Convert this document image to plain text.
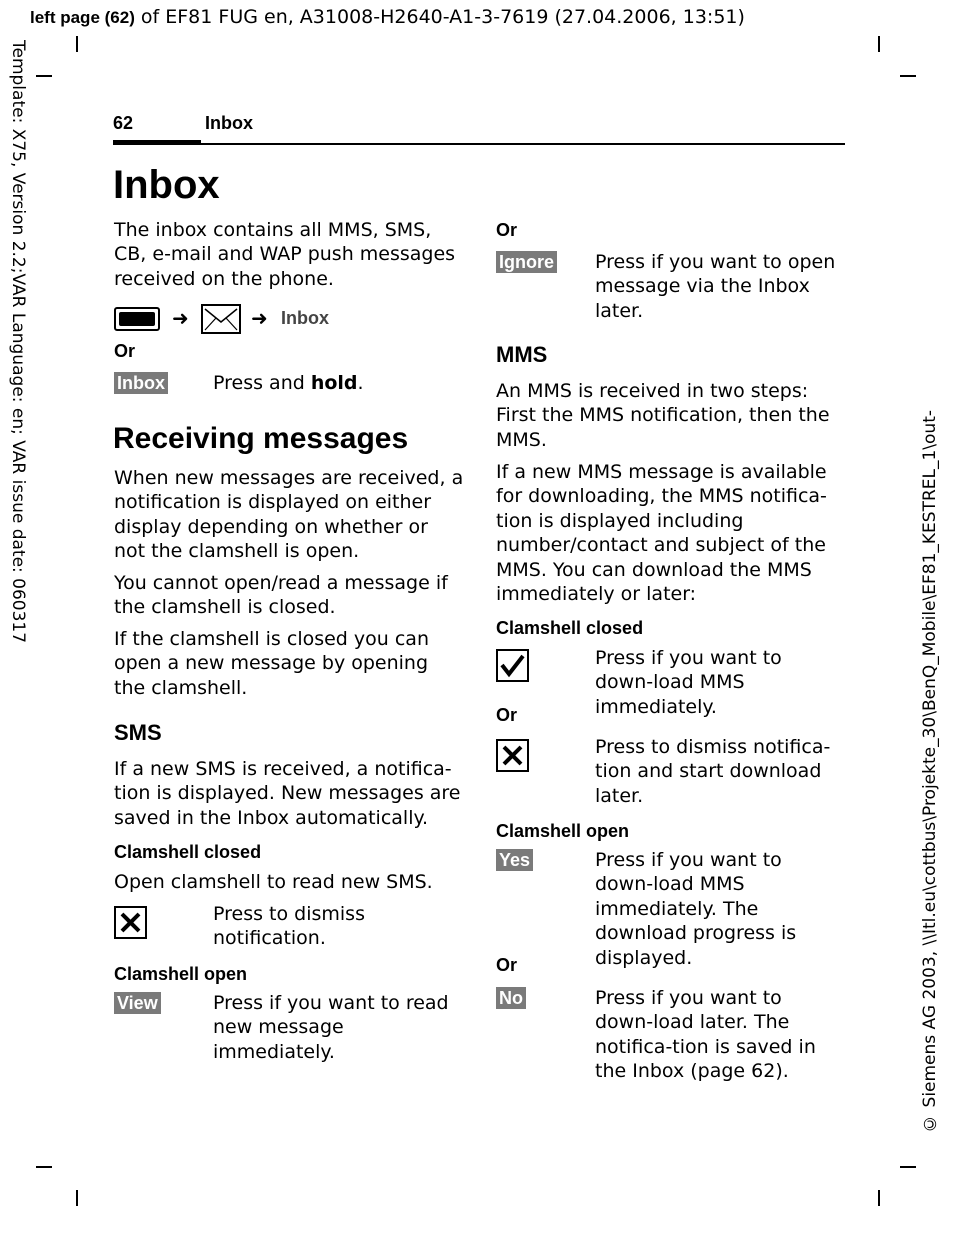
left page (62) of EF81 FUG en, A31008-H2640-A1-3-7619 (27.04.2006, 13:51)
Template: X75, Version 2.2;VAR Language: en; VAR issue date: 060317
© Siemens AG 2003, \\Itl.eu\cottbus\Projekte_30\BenQ_Mobile\EF81_KESTREL_1\out-
62	Inbox
Inbox
The inbox contains all MMS, SMS, CB, e-mail and WAP push messages received on the phone.
➜	➜ Inbox
Or
Inbox	Press and hold.
Receiving messages
When new messages are received, a notification is displayed on either display depending on whether or not the clamshell is open.
You cannot open/read a message if the clamshell is closed.
If the clamshell is closed you can open a new message by opening the clamshell.
SMS
If a new SMS is received, a notifica-tion is displayed. New messages are saved in the Inbox automatically.
Clamshell closed
Open clamshell to read new SMS.
Press to dismiss notification.
Clamshell open
View	Press if you want to read new message immediately.
Or
Ignore Press if you want to open message via the Inbox later.
MMS
An MMS is received in two steps: First the MMS notification, then the MMS.
If a new MMS message is available for downloading, the MMS notifica-tion is displayed including number/contact and subject of the MMS. You can download the MMS immediately or later:
Clamshell closed
Press if you want to down-load MMS immediately.
Or
Press to dismiss notifica-tion and start download later.
Clamshell open
Yes	Press if you want to down-load MMS immediately. The download progress is displayed.
Or
No	Press if you want to down-load later. The notifica-tion is saved in the Inbox (page 62).
